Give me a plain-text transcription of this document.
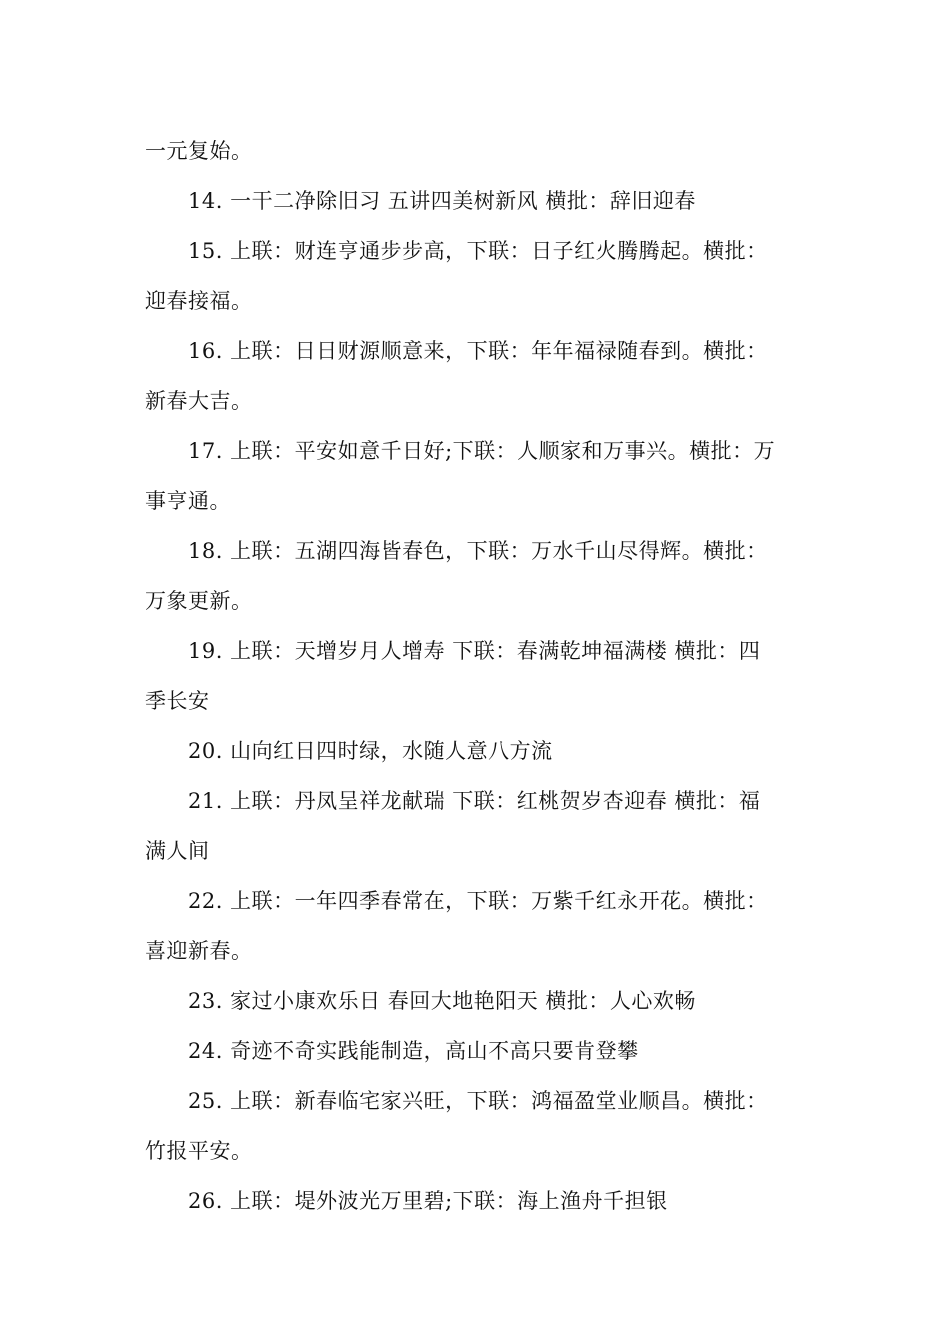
一元复始。
14. 一干二净除旧习 五讲四美树新风 横批：辞旧迎春
15. 上联：财连亨通步步高，下联：日子红火腾腾起。横批：
迎春接福。
16. 上联：日日财源顺意来，下联：年年福禄随春到。横批：
新春大吉。
17. 上联：平安如意千日好;下联：人顺家和万事兴。横批：万
事亨通。
18. 上联：五湖四海皆春色，下联：万水千山尽得辉。横批：
万象更新。
19. 上联：天增岁月人增寿 下联：春满乾坤福满楼 横批：四
季长安
20. 山向红日四时绿，水随人意八方流
21. 上联：丹凤呈祥龙献瑞 下联：红桃贺岁杏迎春 横批：福
满人间
22. 上联：一年四季春常在，下联：万紫千红永开花。横批：
喜迎新春。
23. 家过小康欢乐日 春回大地艳阳天 横批：人心欢畅
24. 奇迹不奇实践能制造，高山不高只要肯登攀
25. 上联：新春临宅家兴旺，下联：鸿福盈堂业顺昌。横批：
竹报平安。
26. 上联：堤外波光万里碧;下联：海上渔舟千担银
